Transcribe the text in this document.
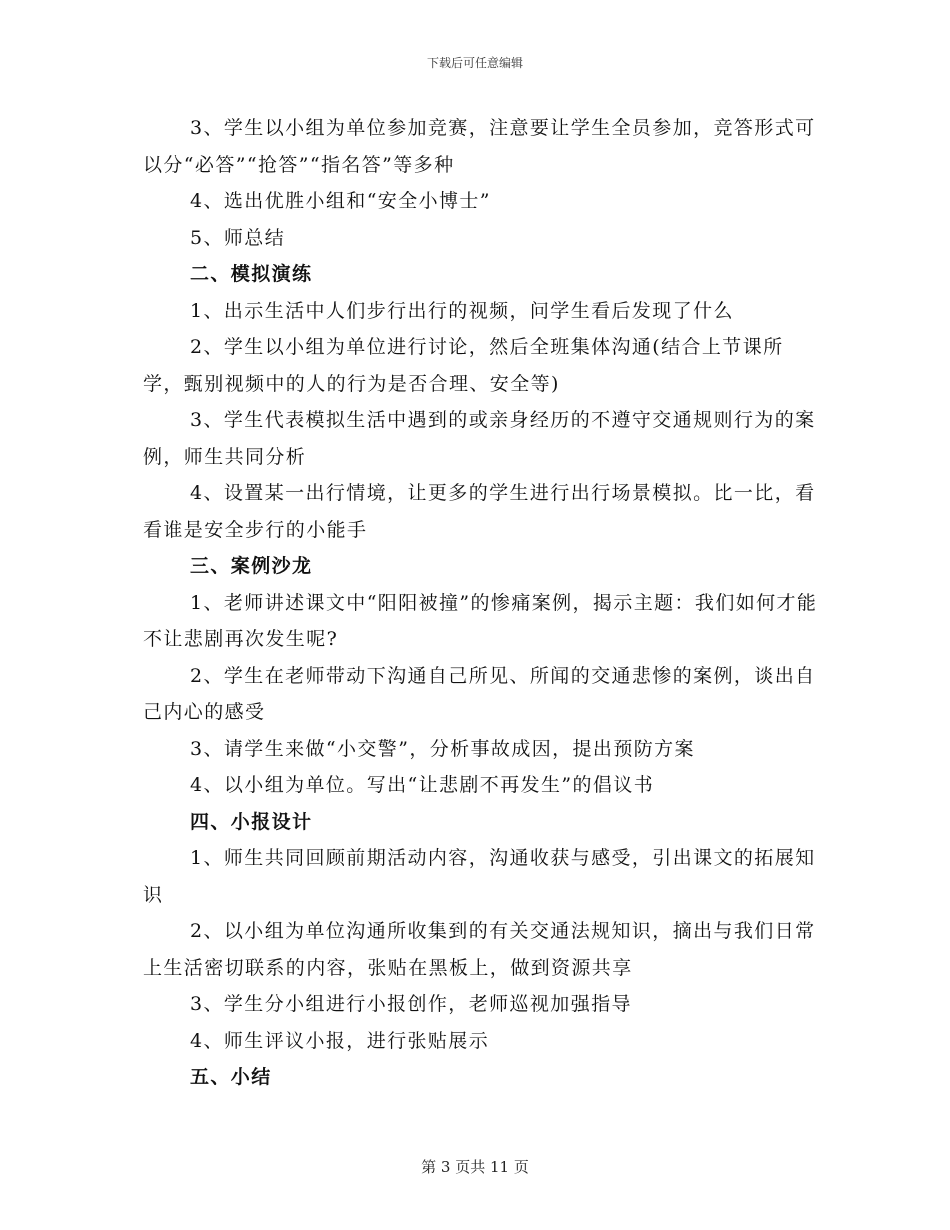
下载后可任意编辑

3、学生以小组为单位参加竞赛，注意要让学生全员参加，竞答形式可以分“必答”“抢答”“指名答”等多种

4、选出优胜小组和“安全小博士”

5、师总结

二、模拟演练

1、出示生活中人们步行出行的视频，问学生看后发现了什么

2、学生以小组为单位进行讨论，然后全班集体沟通(结合上节课所学，甄别视频中的人的行为是否合理、安全等)

3、学生代表模拟生活中遇到的或亲身经历的不遵守交通规则行为的案例，师生共同分析

4、设置某一出行情境，让更多的学生进行出行场景模拟。比一比，看看谁是安全步行的小能手

三、案例沙龙

1、老师讲述课文中“阳阳被撞”的惨痛案例，揭示主题：我们如何才能不让悲剧再次发生呢?

2、学生在老师带动下沟通自己所见、所闻的交通悲惨的案例，谈出自己内心的感受

3、请学生来做“小交警”，分析事故成因，提出预防方案

4、以小组为单位。写出“让悲剧不再发生”的倡议书

四、小报设计

1、师生共同回顾前期活动内容，沟通收获与感受，引出课文的拓展知识

2、以小组为单位沟通所收集到的有关交通法规知识，摘出与我们日常上生活密切联系的内容，张贴在黑板上，做到资源共享

3、学生分小组进行小报创作，老师巡视加强指导

4、师生评议小报，进行张贴展示

五、小结

第 3 页共 11 页
